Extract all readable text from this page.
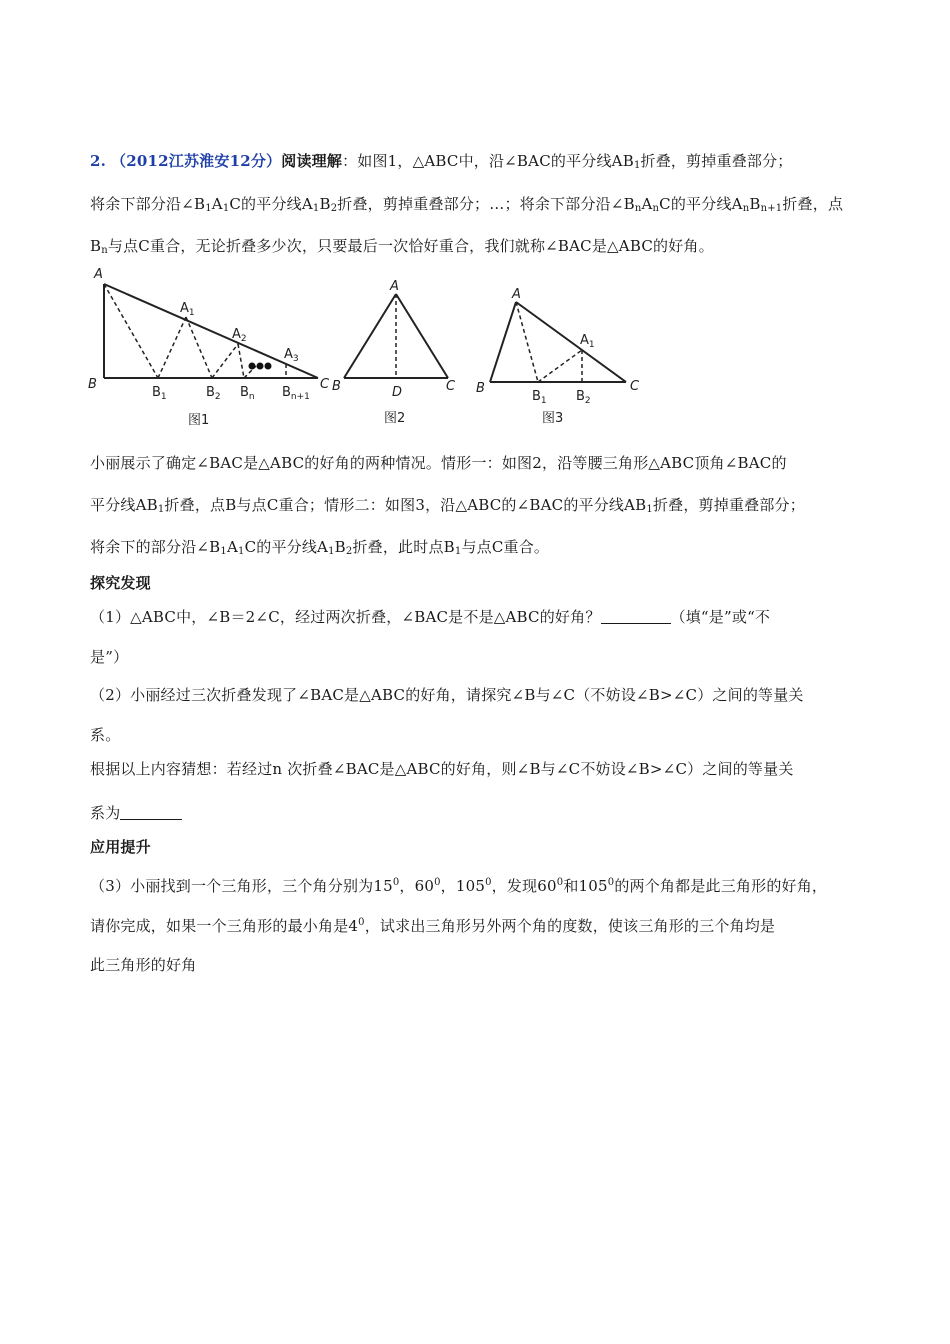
2. （2012江苏淮安12分）阅读理解：如图1，△ABC中，沿∠BAC的平分线$AB_1$折叠，剪掉重叠部分；
将余下部分沿$\angle B_1A_1C$的平分线$A_1B_2$折叠，剪掉重叠部分；…；将余下部分沿$\angle B_nA_nC$的平分线$A_nB_{n+1}$折叠，点
$B_n$与点C重合，无论折叠多少次，只要最后一次恰好重合，我们就称∠BAC是△ABC的好角。
A
B	C
$A_1$
$A_2$
$A_3$
$B_1$	$B_2$ $B_n$ $B_{n+1}$
图1
A
B	D	C
图2
A
B	C
$A_1$
$B_1$ $B_2$
图3
小丽展示了确定∠BAC是△ABC的好角的两种情况。情形一：如图2，沿等腰三角形△ABC顶角∠BAC的
平分线$AB_1$折叠，点B与点C重合；情形二：如图3，沿△ABC的∠BAC的平分线$AB_1$折叠，剪掉重叠部分；
将余下的部分沿$\angle B_1A_1C$的平分线$A_1B_2$折叠，此时点$B_1$与点C重合。
探究发现
（1）△ABC中，∠B＝2∠C，经过两次折叠，∠BAC是不是△ABC的好角？	（填“是”或“不
是”）
（2）小丽经过三次折叠发现了∠BAC是△ABC的好角，请探究∠B与∠C（不妨设∠B>∠C）之间的等量关
系。
根据以上内容猜想：若经过n 次折叠∠BAC是△ABC的好角，则∠B与∠C不妨设∠B>∠C）之间的等量关
系为
应用提升
（3）小丽找到一个三角形，三个角分别为$15^0$，$60^0$，$105^0$，发现$60^0$和$105^0$的两个角都是此三角形的好角，
请你完成，如果一个三角形的最小角是$4^0$，试求出三角形另外两个角的度数，使该三角形的三个角均是
此三角形的好角
